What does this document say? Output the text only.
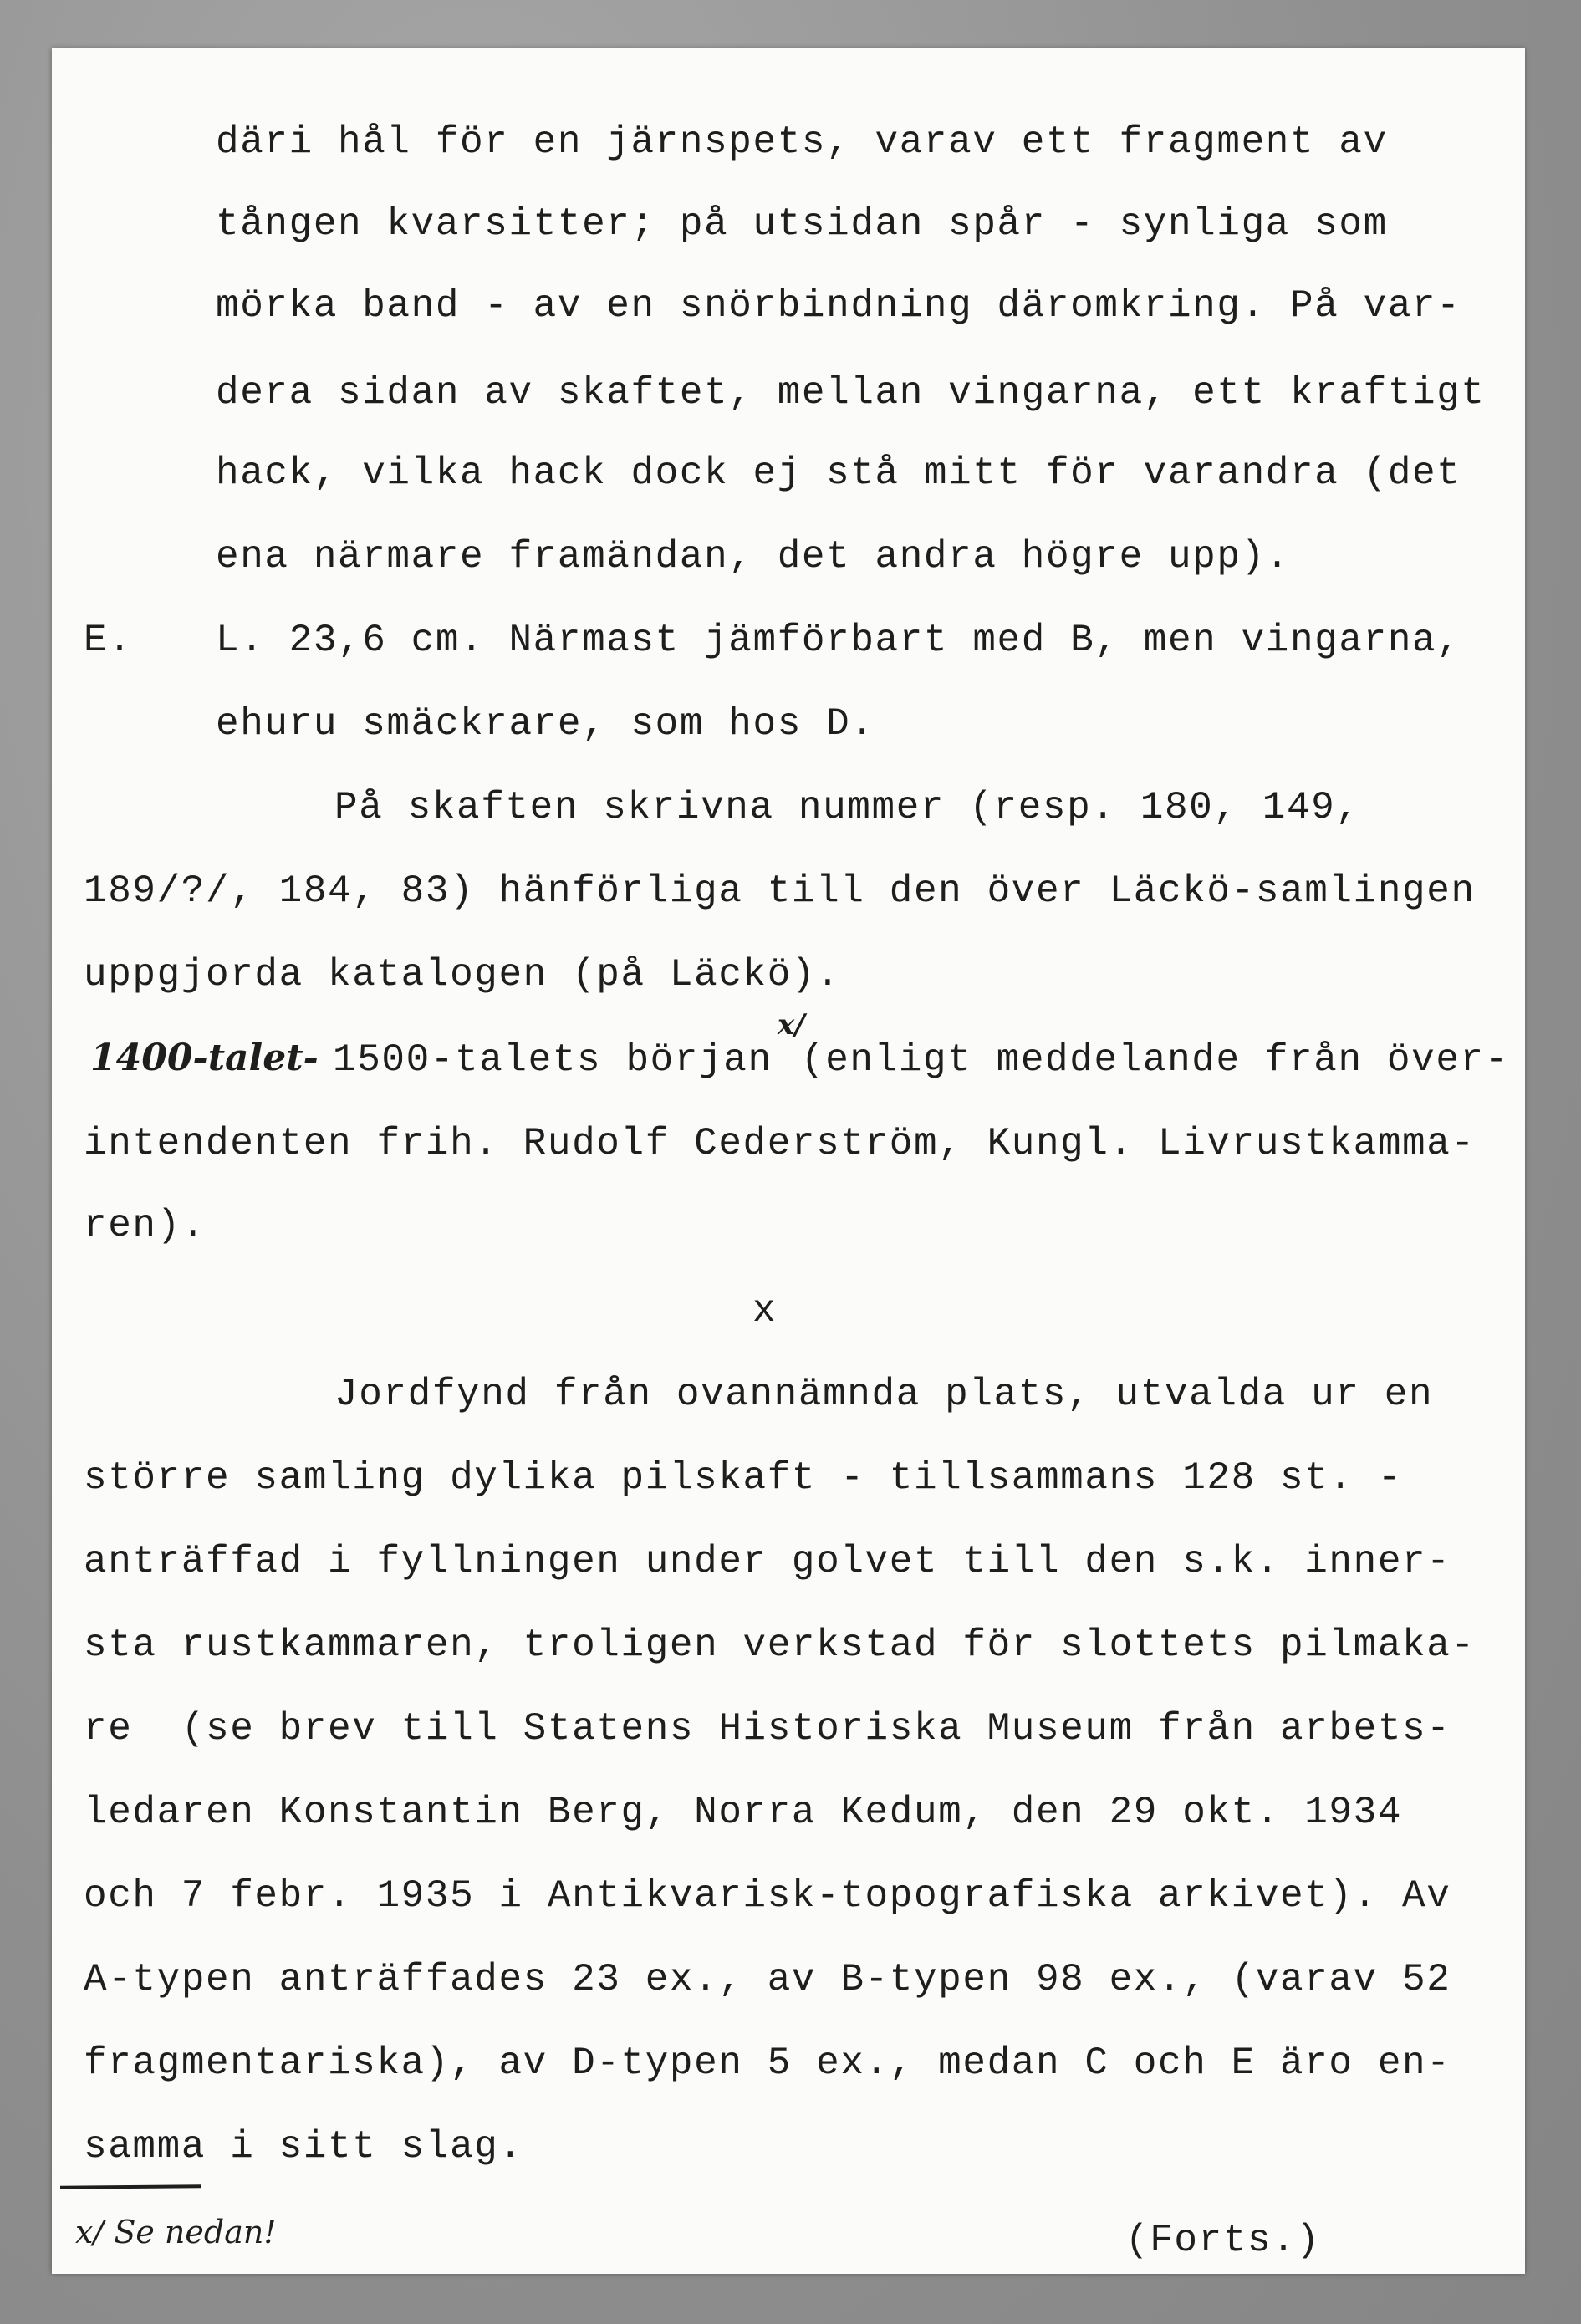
däri hål för en järnspets, varav ett fragment av
tången kvarsitter; på utsidan spår - synliga som
mörka band - av en snörbindning däromkring. På var-
dera sidan av skaftet, mellan vingarna, ett kraftigt
hack, vilka hack dock ej stå mitt för varandra (det
ena närmare framändan, det andra högre upp).
E. L. 23,6 cm. Närmast jämförbart med B, men vingarna,
ehuru smäckrare, som hos D.
På skaften skrivna nummer (resp. 180, 149,
189/?/, 184, 83) hänförliga till den över Läckö-samlingen
uppgjorda katalogen (på Läckö).
1400-talet- 1500-talets början
x/
(enligt meddelande från över-
intendenten frih. Rudolf Cederström, Kungl. Livrustkamma-
ren).
x
Jordfynd från ovannämnda plats, utvalda ur en
större samling dylika pilskaft - tillsammans 128 st. -
anträffad i fyllningen under golvet till den s.k. inner-
sta rustkammaren, troligen verkstad för slottets pilmaka-
re  (se brev till Statens Historiska Museum från arbets-
ledaren Konstantin Berg, Norra Kedum, den 29 okt. 1934
och 7 febr. 1935 i Antikvarisk-topografiska arkivet). Av
A-typen anträffades 23 ex., av B-typen 98 ex., (varav 52
fragmentariska), av D-typen 5 ex., medan C och E äro en-
samma i sitt slag.
x/ Se nedan!	(Forts.)
